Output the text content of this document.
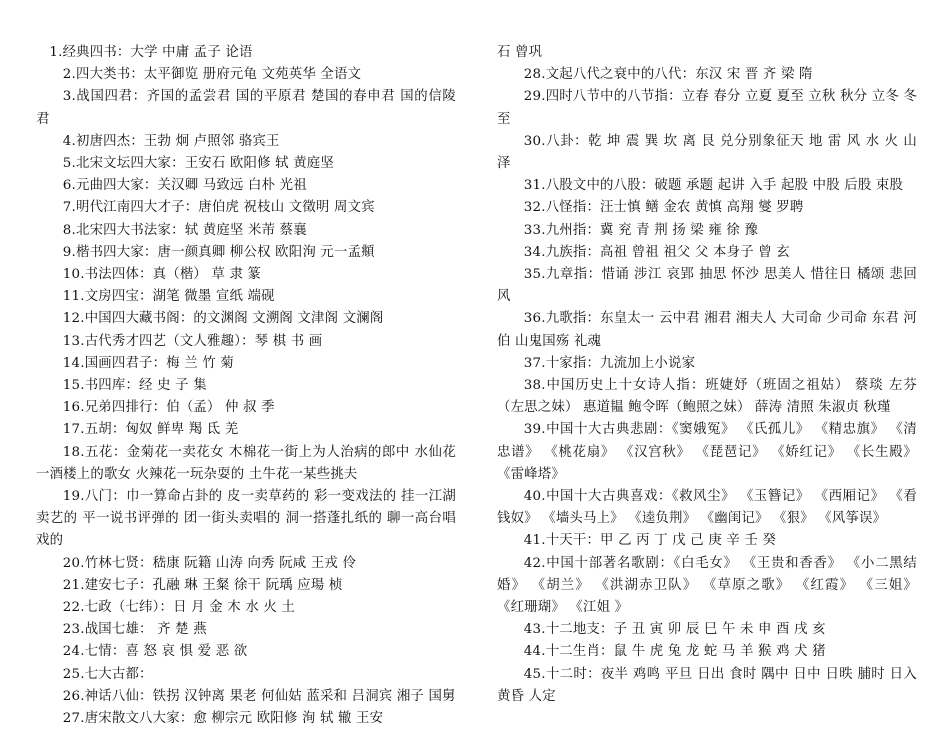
1.经典四书：大学 中庸 孟子 论语

2.四大类书：太平御览 册府元龟 文苑英华 全语文

3.战国四君：齐国的孟尝君 国的平原君 楚国的春申君 国的信陵君

4.初唐四杰：王勃 炯 卢照邻 骆宾王

5.北宋文坛四大家：王安石 欧阳修 轼 黄庭坚

6.元曲四大家：关汉卿 马致远 白朴 光祖

7.明代江南四大才子：唐伯虎 祝枝山 文徵明 周文宾

8.北宋四大书法家：轼 黄庭坚 米芾 蔡襄

9.楷书四大家：唐一颜真卿 柳公权 欧阳洵 元一孟頫

10.书法四体：真（楷） 草 隶 篆

11.文房四宝：湖笔 微墨 宣纸 端砚

12.中国四大藏书阁：的文渊阁 文溯阁 文津阁 文澜阁

13.古代秀才四艺（文人雅趣）：琴 棋 书 画

14.国画四君子：梅 兰 竹 菊

15.书四库：经 史 子 集

16.兄弟四排行：伯（孟） 仲 叔 季

17.五胡：匈奴 鲜卑 羯 氐 羌

18.五花：金菊花一卖花女 木棉花一街上为人治病的郎中 水仙花一酒楼上的歌女 火辣花一玩杂耍的 土牛花一某些挑夫

19.八门：巾一算命占卦的 皮一卖草药的 彩一变戏法的 挂一江湖卖艺的 平一说书评弹的 团一街头卖唱的 洞一搭蓬扎纸的 聊一高台唱戏的

20.竹林七贤：嵇康 阮籍 山涛 向秀 阮咸 王戎 伶

21.建安七子：孔融 琳 王粲 徐干 阮瑀 应瑒 桢

22.七政（七纬）：日 月 金 木 水 火 土

23.战国七雄： 齐 楚 燕

24.七情：喜 怒 哀 惧 爱 恶 欲

25.七大古都：

26.神话八仙：铁拐 汉钟离 果老 何仙姑 蓝采和 吕洞宾 湘子 国舅

27.唐宋散文八大家：愈 柳宗元 欧阳修 洵 轼 辙 王安

石 曾巩

28.文起八代之衰中的八代：东汉 宋 晋 齐 梁 隋

29.四时八节中的八节指：立春 春分 立夏 夏至 立秋 秋分 立冬 冬至

30.八卦：乾 坤 震 巽 坎 离 艮 兑分别象征天 地 雷 风 水 火 山 泽

31.八股文中的八股：破题 承题 起讲 入手 起股 中股 后股 束股

32.八怪指：汪士慎 鳝 金农 黄慎 高翔 燮 罗聘

33.九州指：冀 兖 青 荆 扬 梁 雍 徐 豫

34.九族指：高祖 曾祖 祖父 父 本身子 曾 玄

35.九章指：惜诵 涉江 哀郢 抽思 怀沙 思美人 惜往日 橘颂 悲回风

36.九歌指：东皇太一 云中君 湘君 湘夫人 大司命 少司命 东君 河伯 山鬼国殇 礼魂

37.十家指：九流加上小说家

38.中国历史上十女诗人指：班婕妤（班固之祖姑） 蔡琰 左芬（左思之妹） 惠道韫 鲍令晖（鲍照之妹） 薛涛 清照 朱淑贞 秋瑾

39.中国十大古典悲剧：《窦娥冤》 《氏孤儿》 《精忠旗》 《清忠谱》 《桃花扇》 《汉宫秋》 《琵琶记》 《娇红记》 《长生殿》 《雷峰塔》

40.中国十大古典喜戏：《救风尘》 《玉簪记》 《西厢记》 《看钱奴》 《墙头马上》 《逵负荆》 《幽闺记》 《狠》 《风筝误》

41.十天干：甲 乙 丙 丁 戊 己 庚 辛 壬 癸

42.中国十部著名歌剧：《白毛女》 《王贵和香香》 《小二黑结婚》 《胡兰》 《洪湖赤卫队》 《草原之歌》 《红霞》 《三姐》 《红珊瑚》 《江姐 》

43.十二地支：子 丑 寅 卯 辰 巳 午 未 申 酉 戌 亥

44.十二生肖：鼠 牛 虎 兔 龙 蛇 马 羊 猴 鸡 犬 猪

45.十二时：夜半 鸡鸣 平旦 日出 食时 隅中 日中 日昳 脯时 日入 黄昏 人定
